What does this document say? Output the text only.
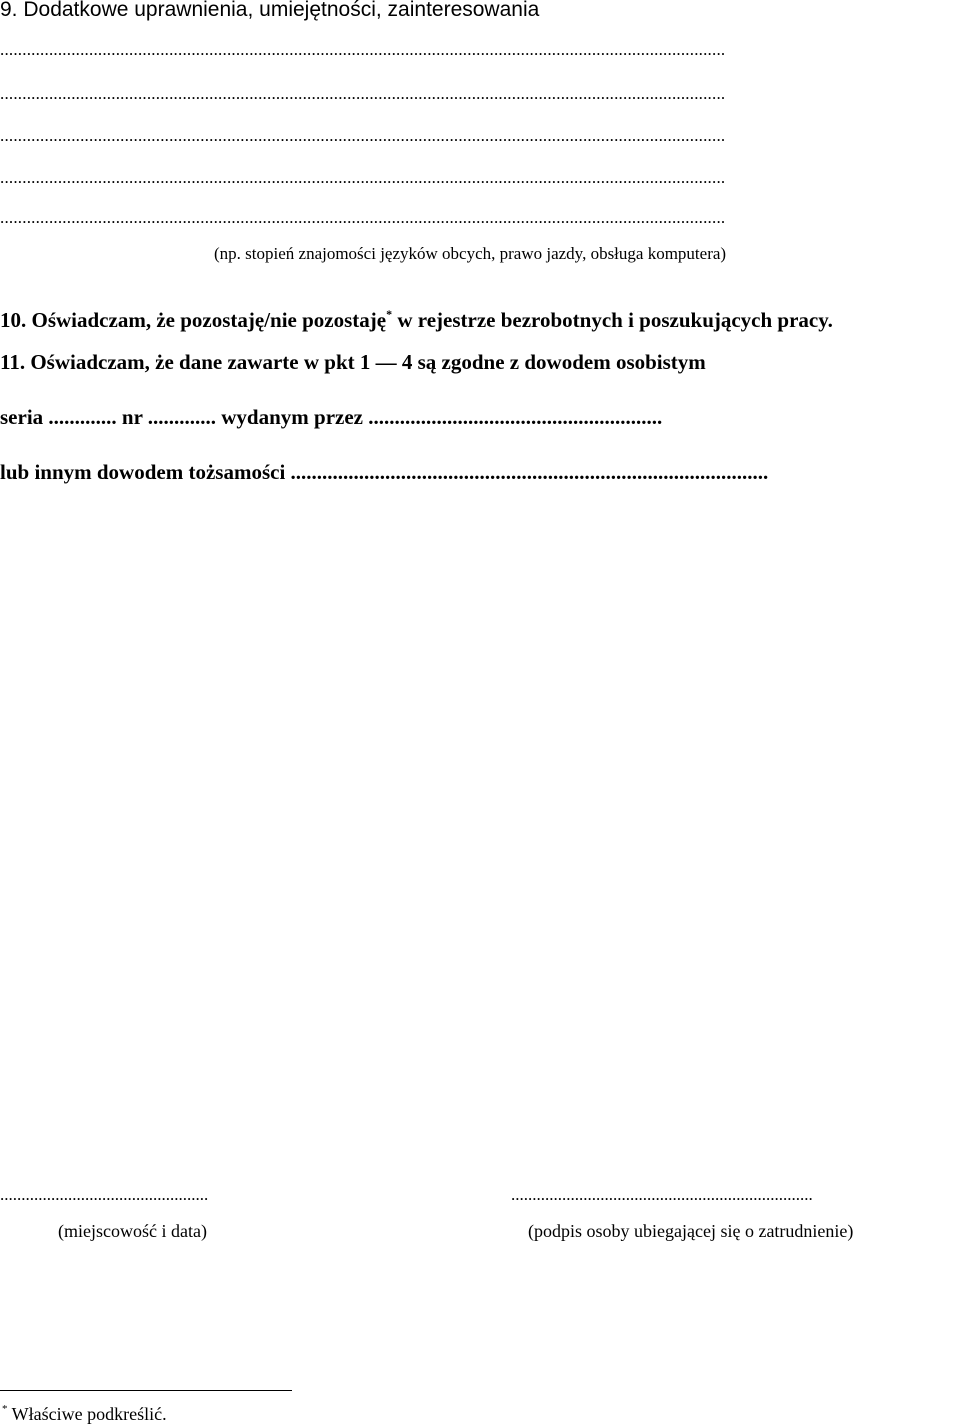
9. Dodatkowe uprawnienia, umiejętności, zainteresowania
...................................................................................................................................................................
...................................................................................................................................................................
...................................................................................................................................................................
...................................................................................................................................................................
...................................................................................................................................................................
(np. stopień znajomości języków obcych, prawo jazdy, obsługa komputera)
10. Oświadczam, że pozostaję/nie pozostaję* w rejestrze bezrobotnych i poszukujących pracy.
11. Oświadczam, że dane zawarte w pkt 1 — 4 są zgodne z dowodem osobistym
seria ............. nr ............. wydanym przez ........................................................
lub innym dowodem tożsamości ...........................................................................................
.................................................	.......................................................................
(miejscowość i data)	(podpis osoby ubiegającej się o zatrudnienie)
* Właściwe podkreślić.
